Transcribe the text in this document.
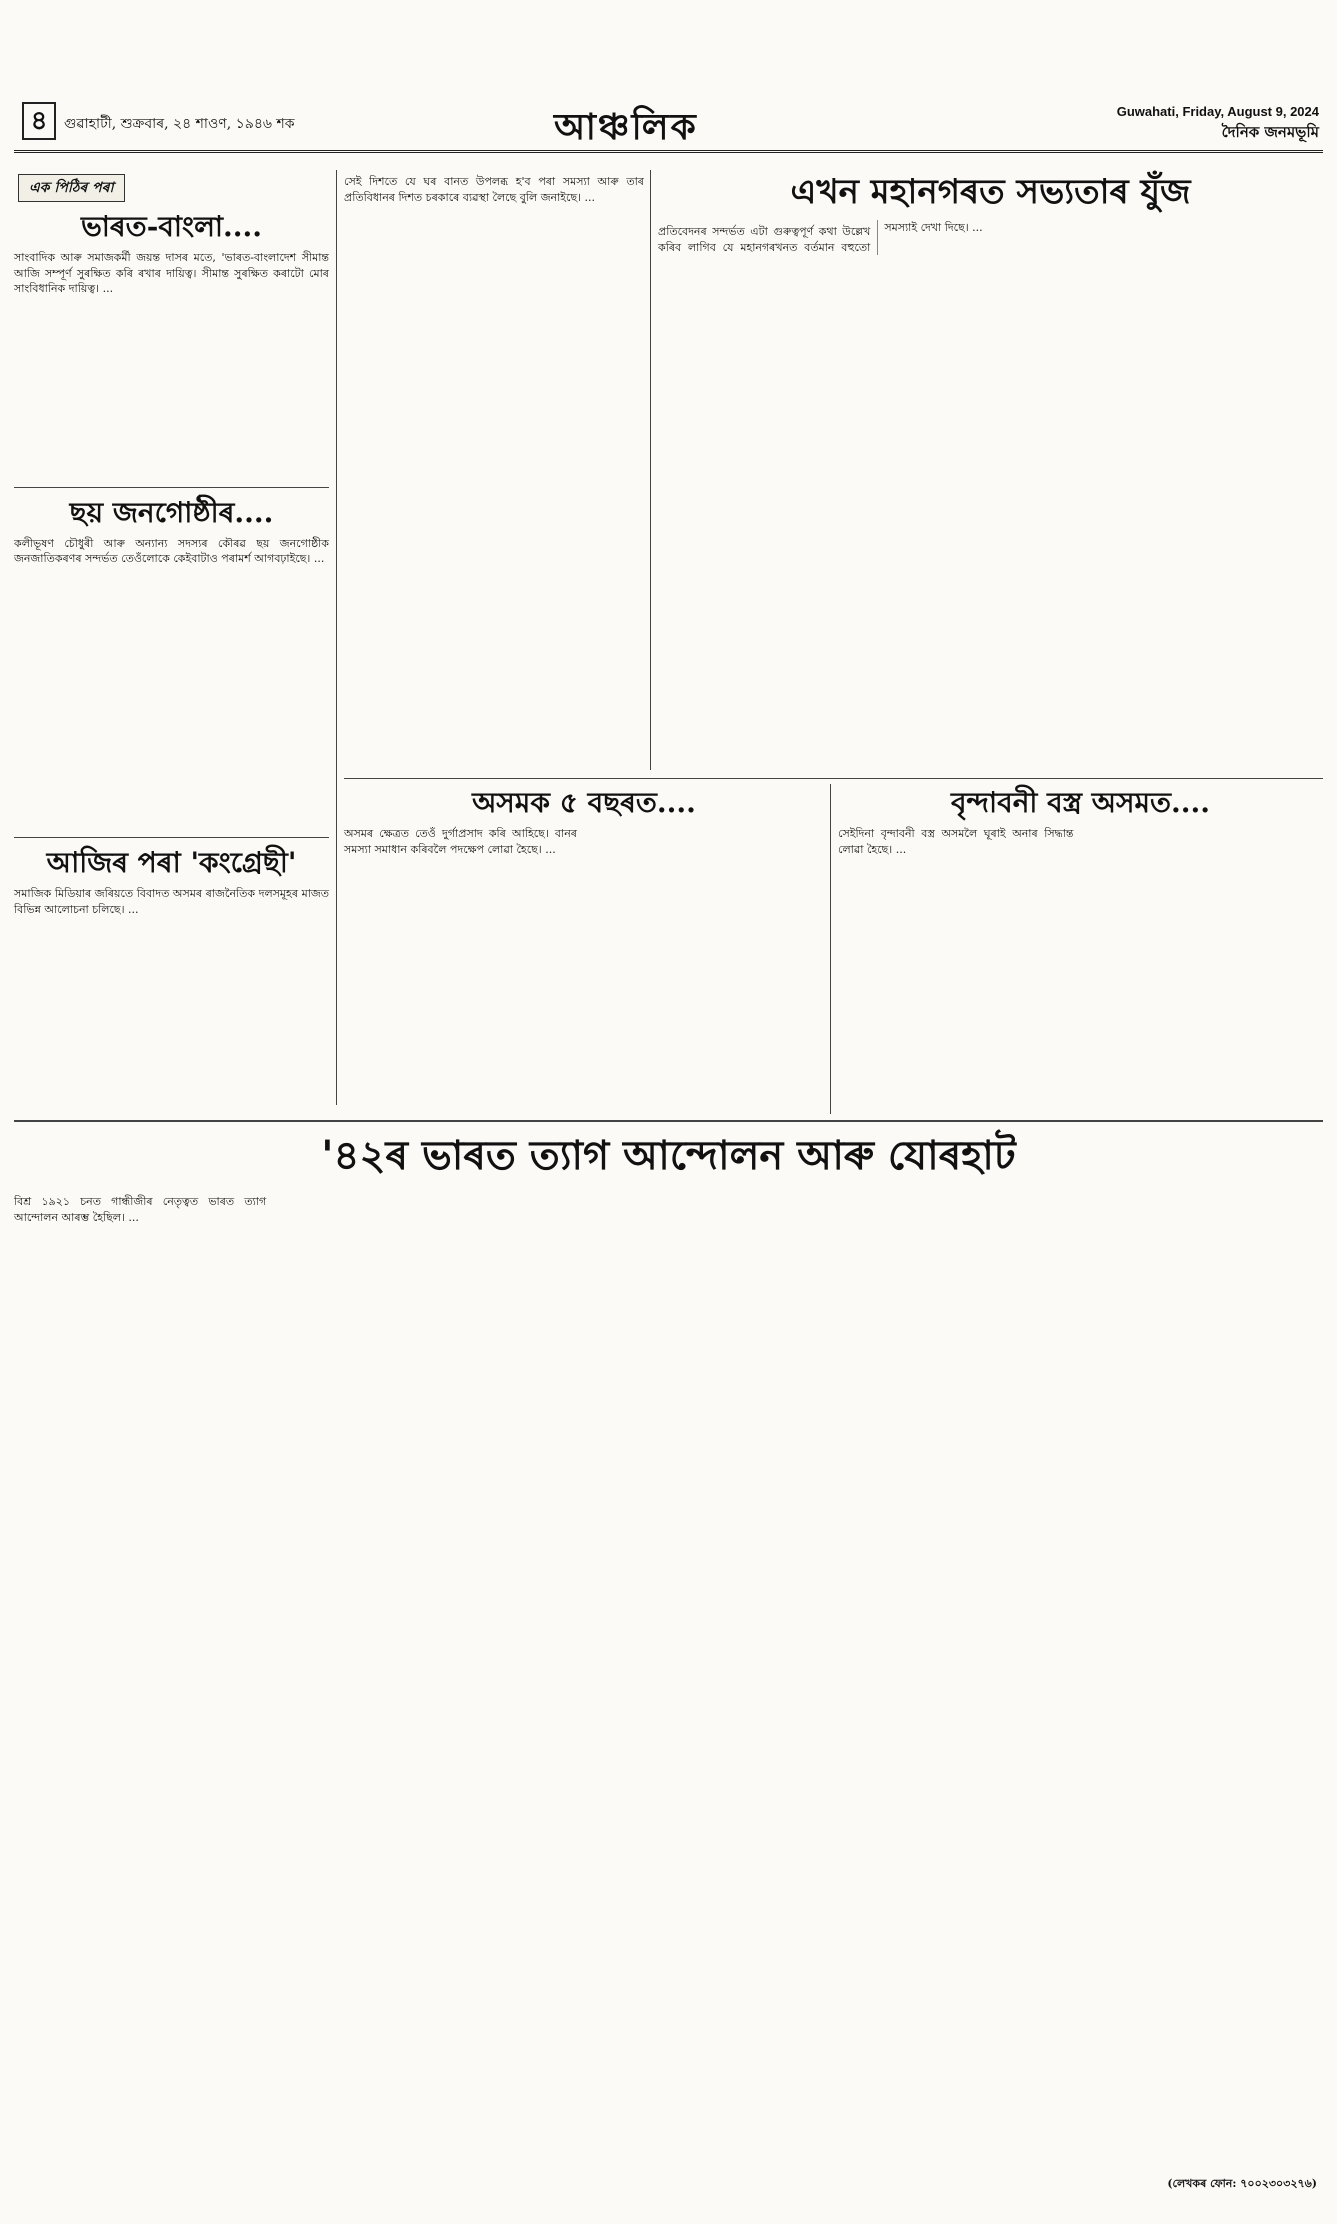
৪	গুৱাহাটী, শুক্ৰবাৰ, ২৪ শাওণ, ১৯৪৬ শক	আঞ্চলিক	Guwahati, Friday, August 9, 2024
দৈনিক জনমভূমি
এক পিঠিৰ পৰা
ভাৰত-বাংলা....

সাংবাদিক আৰু সমাজকৰ্মী জয়ন্ত দাসৰ মতে, 'ভাৰত-বাংলাদেশ সীমান্ত আজি সম্পূৰ্ণ সুৰক্ষিত কৰি ৰখাৰ দায়িত্ব। সীমান্ত সুৰক্ষিত কৰাটো মোৰ সাংবিধানিক দায়িত্ব। ...

ছয় জনগোষ্ঠীৰ....

কলীভূষণ চৌধুৰী আৰু অন্যান্য সদস্যৰ কৌৰৱ ছয় জনগোষ্ঠীক জনজাতিকৰণৰ সন্দৰ্ভত তেওঁলোকে কেইবাটাও পৰামৰ্শ আগবঢ়াইছে। ...

আজিৰ পৰা 'কংগ্ৰেছী'

সমাজিক মিডিয়াৰ জৰিয়তে বিবাদত অসমৰ ৰাজনৈতিক দলসমূহৰ মাজত বিভিন্ন আলোচনা চলিছে। ...

সেই দিশতে যে ঘৰ বানত উপলব্ধ হ'ব পৰা সমস্যা আৰু তাৰ প্ৰতিবিধানৰ দিশত চৰকাৰে ব্যৱস্থা লৈছে বুলি জনাইছে। ...	এখন মহানগৰত সভ্যতাৰ যুঁজ

প্ৰতিবেদনৰ সন্দৰ্ভত এটা গুৰুত্বপূৰ্ণ কথা উল্লেখ কৰিব লাগিব যে মহানগৰখনত বৰ্তমান বহুতো সমস্যাই দেখা দিছে। ...

অসমক ৫ বছৰত....

অসমৰ ক্ষেত্ৰত তেওঁ দুৰ্গাপ্ৰসাদ কৰি আহিছে। বানৰ সমস্যা সমাধান কৰিবলৈ পদক্ষেপ লোৱা হৈছে। ...

বৃন্দাবনী বস্ত্ৰ অসমত....

সেইদিনা বৃন্দাবনী বস্ত্ৰ অসমলৈ ঘূৰাই অনাৰ সিদ্ধান্ত লোৱা হৈছে। ...

'৪২ৰ ভাৰত ত্যাগ আন্দোলন আৰু যোৰহাট

বিশ্ৰ ১৯২১ চনত গান্ধীজীৰ নেতৃত্বত ভাৰত ত্যাগ আন্দোলন আৰম্ভ হৈছিল। ...

(লেখকৰ ফোন: ৭০০২৩০৩২৭৬)
